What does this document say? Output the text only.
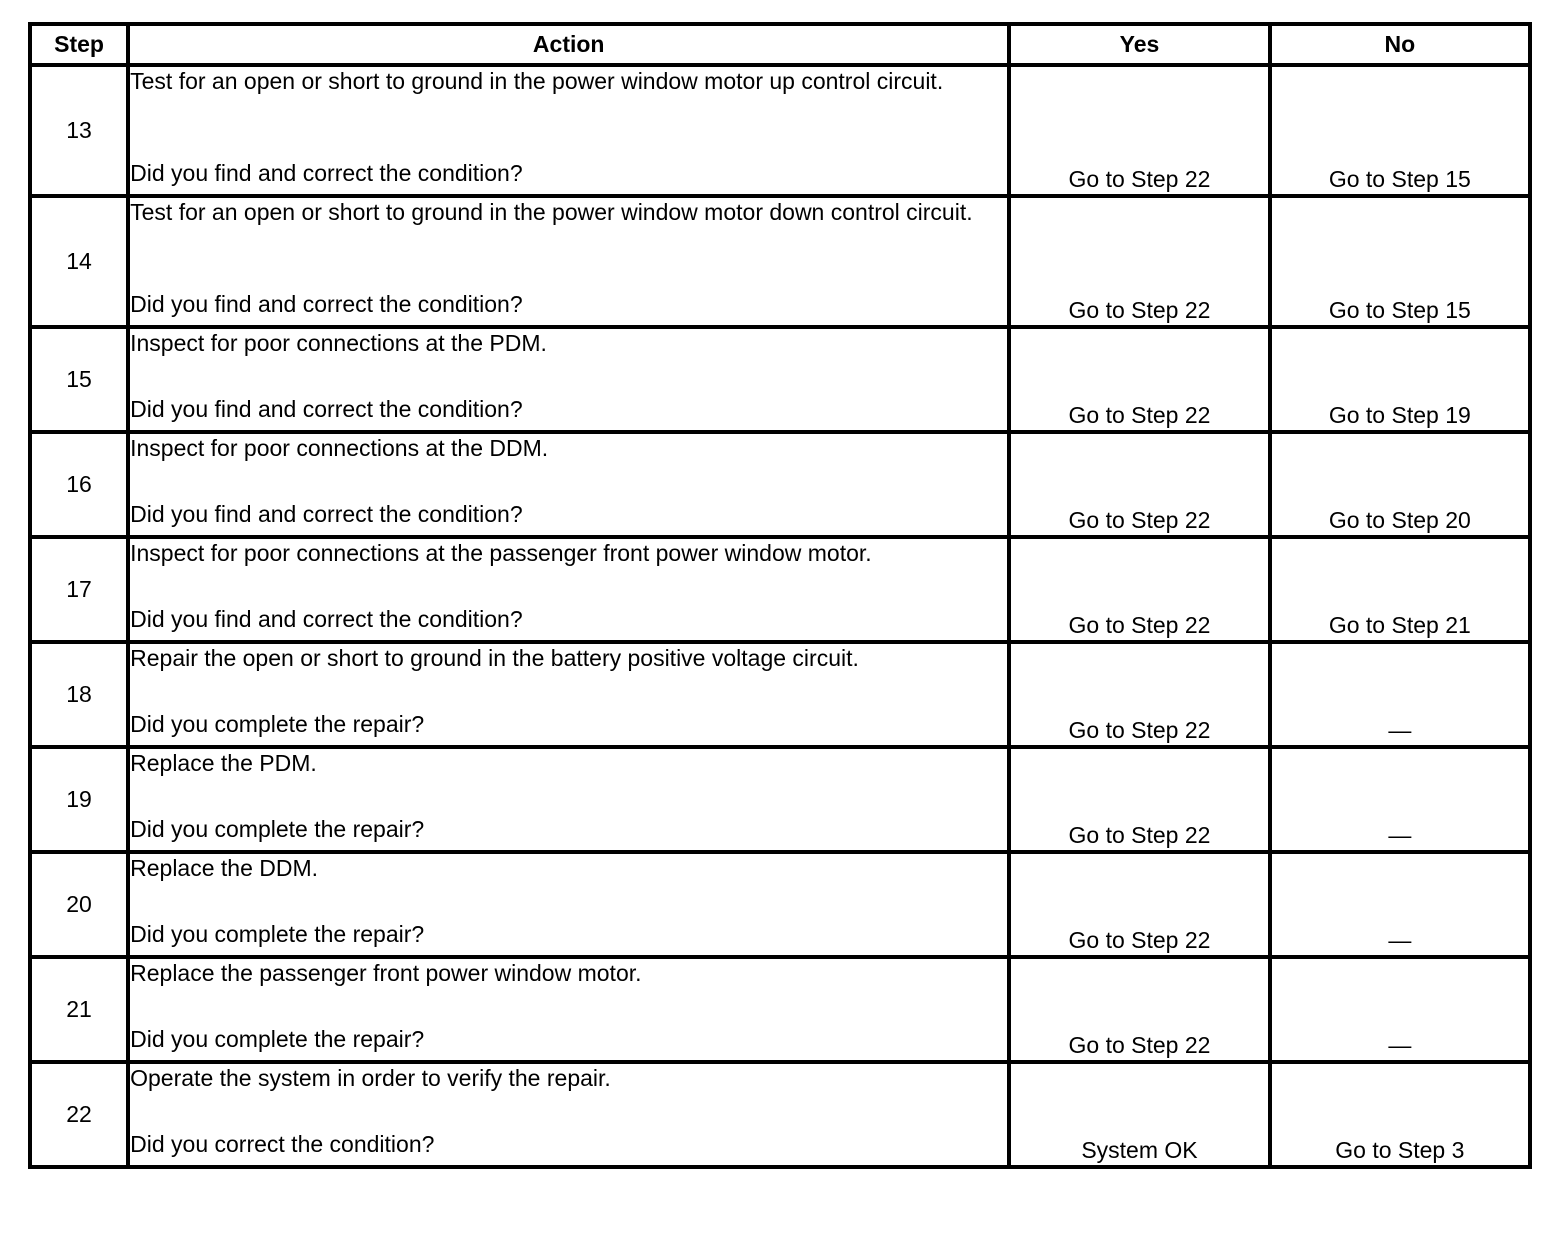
Step	Action	Yes	No
13	Test for an open or short to ground in the power window motor up control circuit.
Did you find and correct the condition?	Go to Step 22	Go to Step 15
14	Test for an open or short to ground in the power window motor down control circuit.
Did you find and correct the condition?	Go to Step 22	Go to Step 15
15	Inspect for poor connections at the PDM.
Did you find and correct the condition?	Go to Step 22	Go to Step 19
16	Inspect for poor connections at the DDM.
Did you find and correct the condition?	Go to Step 22	Go to Step 20
17	Inspect for poor connections at the passenger front power window motor.
Did you find and correct the condition?	Go to Step 22	Go to Step 21
18	Repair the open or short to ground in the battery positive voltage circuit.
Did you complete the repair?	Go to Step 22	—
19	Replace the PDM.
Did you complete the repair?	Go to Step 22	—
20	Replace the DDM.
Did you complete the repair?	Go to Step 22	—
21	Replace the passenger front power window motor.
Did you complete the repair?	Go to Step 22	—
22	Operate the system in order to verify the repair.
Did you correct the condition?	System OK	Go to Step 3
